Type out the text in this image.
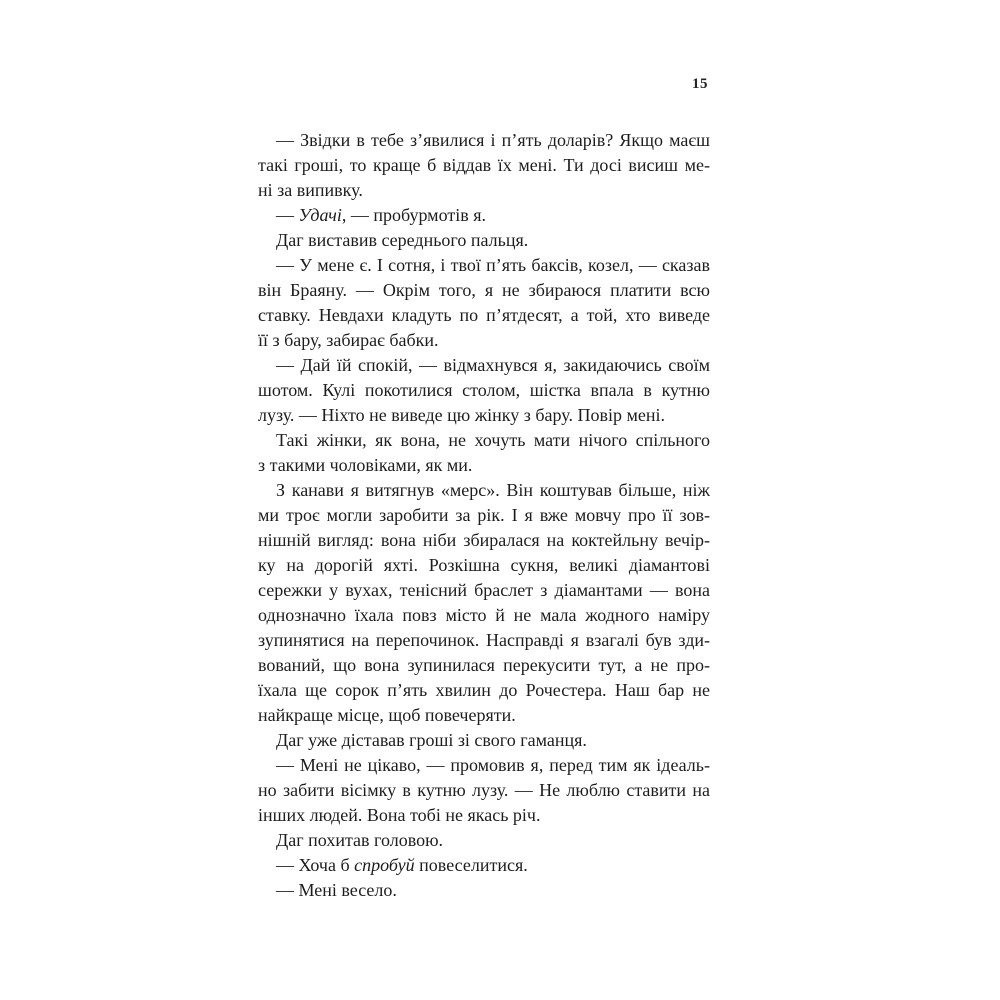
15

— Звідки в тебе з’явилися і п’ять доларів? Якщо маєш
такі гроші, то краще б віддав їх мені. Ти досі висиш ме-
ні за випивку.

— Удачі, — пробурмотів я.

Даг виставив середнього пальця.

— У мене є. І сотня, і твої п’ять баксів, козел, — сказав
він Браяну. — Окрім того, я не збираюся платити всю
ставку. Невдахи кладуть по п’ятдесят, а той, хто виведе
її з бару, забирає бабки.

— Дай їй спокій, — відмахнувся я, закидаючись своїм
шотом. Кулі покотилися столом, шістка впала в кутню
лузу. — Ніхто не виведе цю жінку з бару. Повір мені.

Такі жінки, як вона, не хочуть мати нічого спільного
з такими чоловіками, як ми.

З канави я витягнув «мерс». Він коштував більше, ніж
ми троє могли заробити за рік. І я вже мовчу про її зов-
нішній вигляд: вона ніби збиралася на коктейльну вечір-
ку на дорогій яхті. Розкішна сукня, великі діамантові
сережки у вухах, тенісний браслет з діамантами — вона
однозначно їхала повз місто й не мала жодного наміру
зупинятися на перепочинок. Насправді я взагалі був зди-
вований, що вона зупинилася перекусити тут, а не про-
їхала ще сорок п’ять хвилин до Рочестера. Наш бар не
найкраще місце, щоб повечеряти.

Даг уже діставав гроші зі свого гаманця.

— Мені не цікаво, — промовив я, перед тим як ідеаль-
но забити вісімку в кутню лузу. — Не люблю ставити на
інших людей. Вона тобі не якась річ.

Даг похитав головою.

— Хоча б спробуй повеселитися.

— Мені весело.
